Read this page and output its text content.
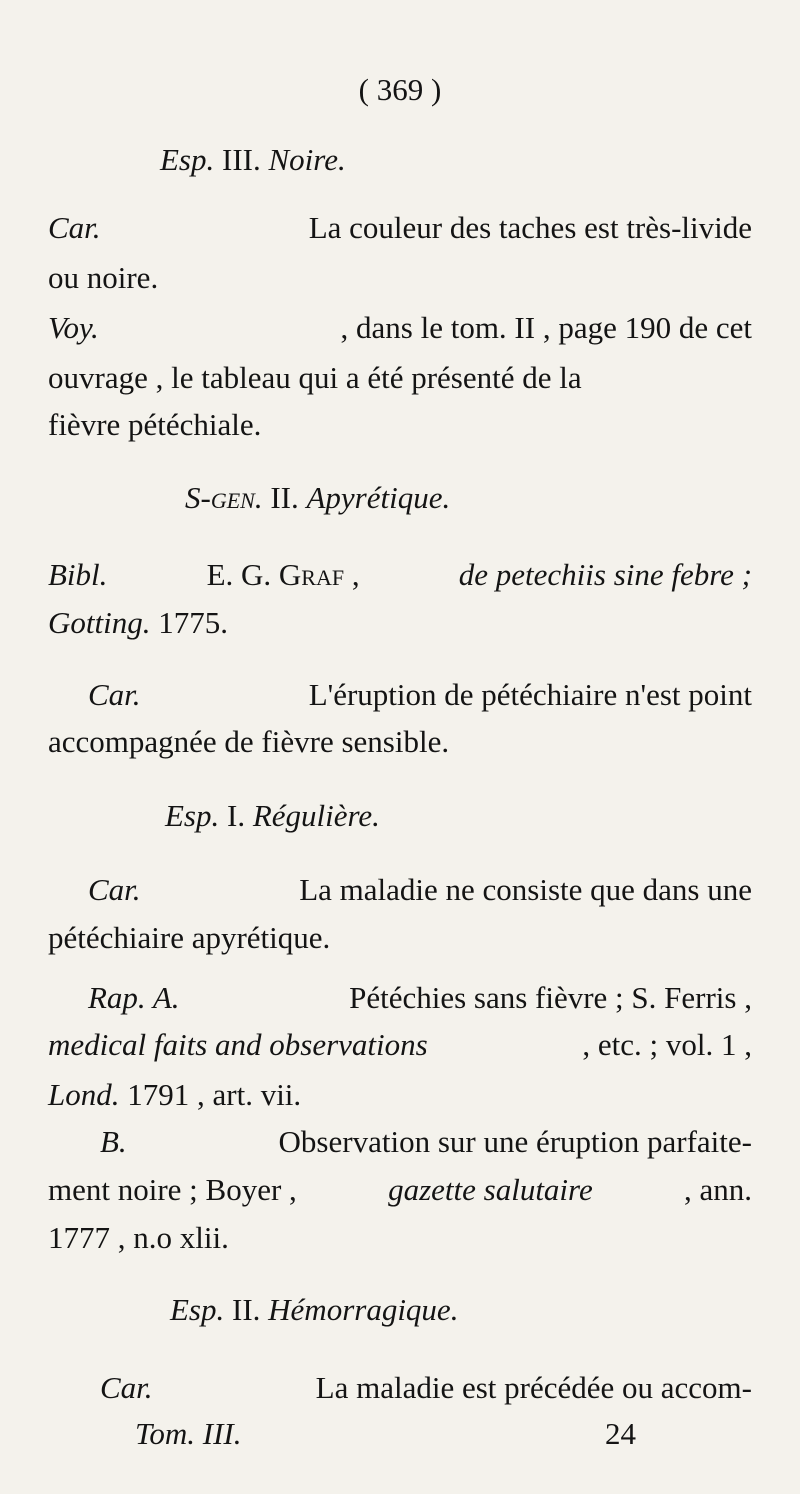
( 369 )
Esp. III. Noire.
Car.	La couleur des taches est très-livide
ou noire.
Voy.	, dans le tom. II , page 190 de cet
ouvrage , le tableau qui a été présenté de la
fièvre pétéchiale.
S-gen. II. Apyrétique.
Bibl.	E. G. Graf ,	de petechiis sine febre ;
Gotting. 1775.
Car.	L'éruption de pétéchiaire n'est point
accompagnée de fièvre sensible.
Esp. I. Régulière.
Car.	La maladie ne consiste que dans une
pétéchiaire apyrétique.
Rap. A.	Pétéchies sans fièvre ; S. Ferris ,
medical faits and observations	, etc. ; vol. 1 ,
Lond. 1791 , art. vii.
B.	Observation sur une éruption parfaite-
ment noire ; Boyer ,	gazette salutaire	, ann.
1777 , n.o xlii.
Esp. II. Hémorragique.
Car.	La maladie est précédée ou accom-
Tom. III.	24
